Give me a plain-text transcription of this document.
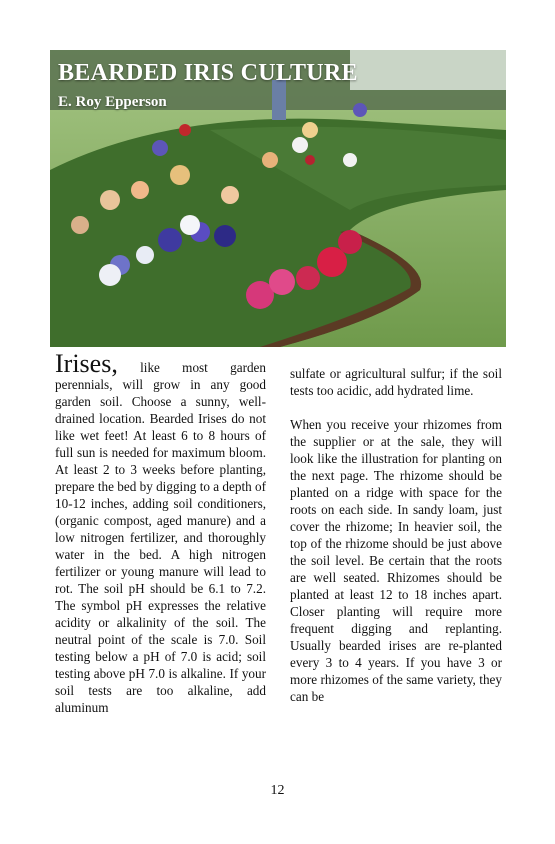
BEARDED IRIS CULTURE
E. Roy Epperson
Irises, like most garden perennials, will grow in any good garden soil. Choose a sunny, well-drained location. Bearded Irises do not like wet feet! At least 6 to 8 hours of full sun is needed for maximum bloom. At least 2 to 3 weeks before planting, prepare the bed by digging to a depth of 10-12 inches, adding soil conditioners, (organic compost, aged manure) and a low nitrogen fertilizer, and thoroughly water in the bed. A high nitrogen fertilizer or young manure will lead to rot. The soil pH should be 6.1 to 7.2. The symbol pH expresses the relative acidity or alkalinity of the soil. The neutral point of the scale is 7.0. Soil testing below a pH of 7.0 is acid; soil testing above pH 7.0 is alkaline. If your soil tests are too alkaline, add aluminum

sulfate or agricultural sulfur; if the soil tests too acidic, add hydrated lime.

When you receive your rhizomes from the supplier or at the sale, they will look like the illustration for planting on the next page. The rhizome should be planted on a ridge with space for the roots on each side. In sandy loam, just cover the rhizome; In heavier soil, the top of the rhizome should be just above the soil level. Be certain that the roots are well seated. Rhizomes should be planted at least 12 to 18 inches apart. Closer planting will require more frequent digging and replanting. Usually bearded irises are re-planted every 3 to 4 years. If you have 3 or more rhizomes of the same variety, they can be

12
